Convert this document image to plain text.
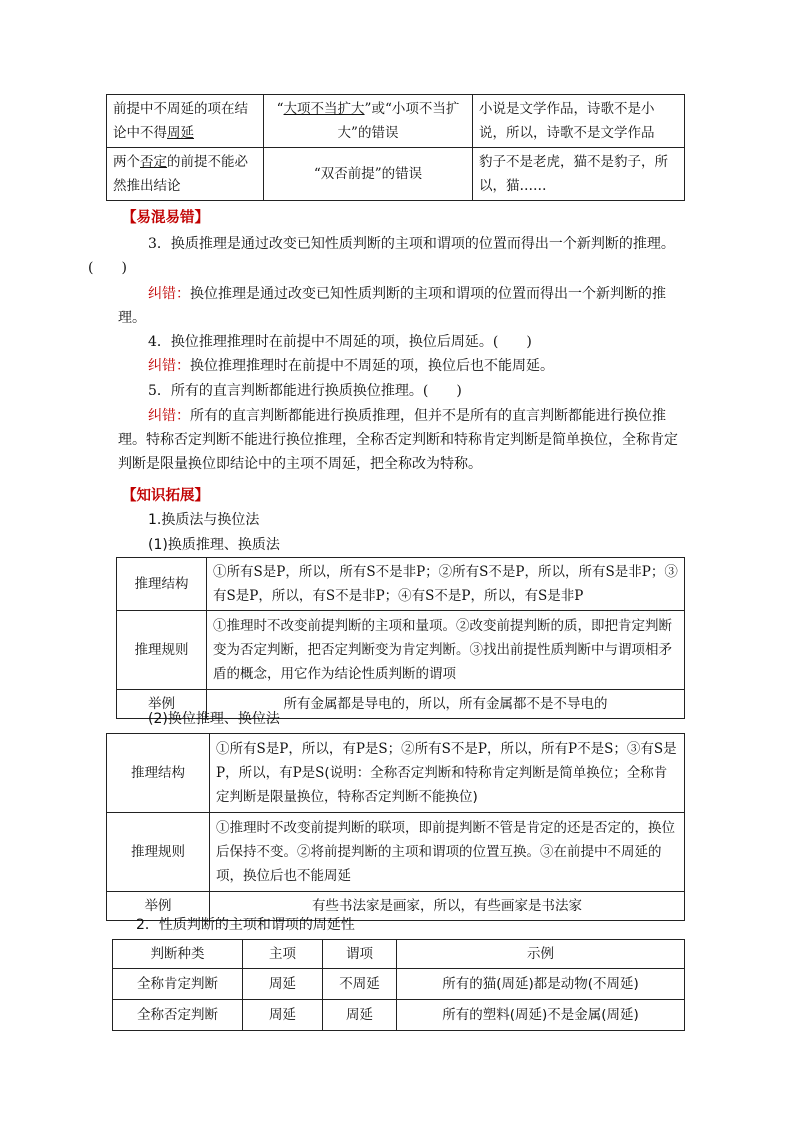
前提中不周延的项在结论中不得周延	“大项不当扩大”或“小项不当扩大”的错误	小说是文学作品，诗歌不是小说，所以，诗歌不是文学作品
两个否定的前提不能必然推出结论	“双否前提”的错误	豹子不是老虎，猫不是豹子，所以，猫……
【易混易错】
3．换质推理是通过改变已知性质判断的主项和谓项的位置而得出一个新判断的推理。
(　　)
纠错：换位推理是通过改变已知性质判断的主项和谓项的位置而得出一个新判断的推理。
4．换位推理推理时在前提中不周延的项，换位后周延。(　　)
纠错：换位推理推理时在前提中不周延的项，换位后也不能周延。
5．所有的直言判断都能进行换质换位推理。(　　)
纠错：所有的直言判断都能进行换质推理，但并不是所有的直言判断都能进行换位推理。特称否定判断不能进行换位推理，全称否定判断和特称肯定判断是简单换位，全称肯定判断是限量换位即结论中的主项不周延，把全称改为特称。
【知识拓展】
1.换质法与换位法
(1)换质推理、换质法
推理结构	①所有S是P，所以，所有S不是非P；②所有S不是P，所以，所有S是非P；③有S是P，所以，有S不是非P；④有S不是P，所以，有S是非P
推理规则	①推理时不改变前提判断的主项和量项。②改变前提判断的质，即把肯定判断变为否定判断，把否定判断变为肯定判断。③找出前提性质判断中与谓项相矛盾的概念，用它作为结论性质判断的谓项
举例	所有金属都是导电的，所以，所有金属都不是不导电的
(2)换位推理、换位法
推理结构	①所有S是P，所以，有P是S；②所有S不是P，所以，所有P不是S；③有S是P，所以，有P是S(说明：全称否定判断和特称肯定判断是简单换位；全称肯定判断是限量换位，特称否定判断不能换位)
推理规则	①推理时不改变前提判断的联项，即前提判断不管是肯定的还是否定的，换位后保持不变。②将前提判断的主项和谓项的位置互换。③在前提中不周延的项，换位后也不能周延
举例	有些书法家是画家，所以，有些画家是书法家
2．性质判断的主项和谓项的周延性
判断种类	主项	谓项	示例
全称肯定判断	周延	不周延	所有的猫(周延)都是动物(不周延)
全称否定判断	周延	周延	所有的塑料(周延)不是金属(周延)
